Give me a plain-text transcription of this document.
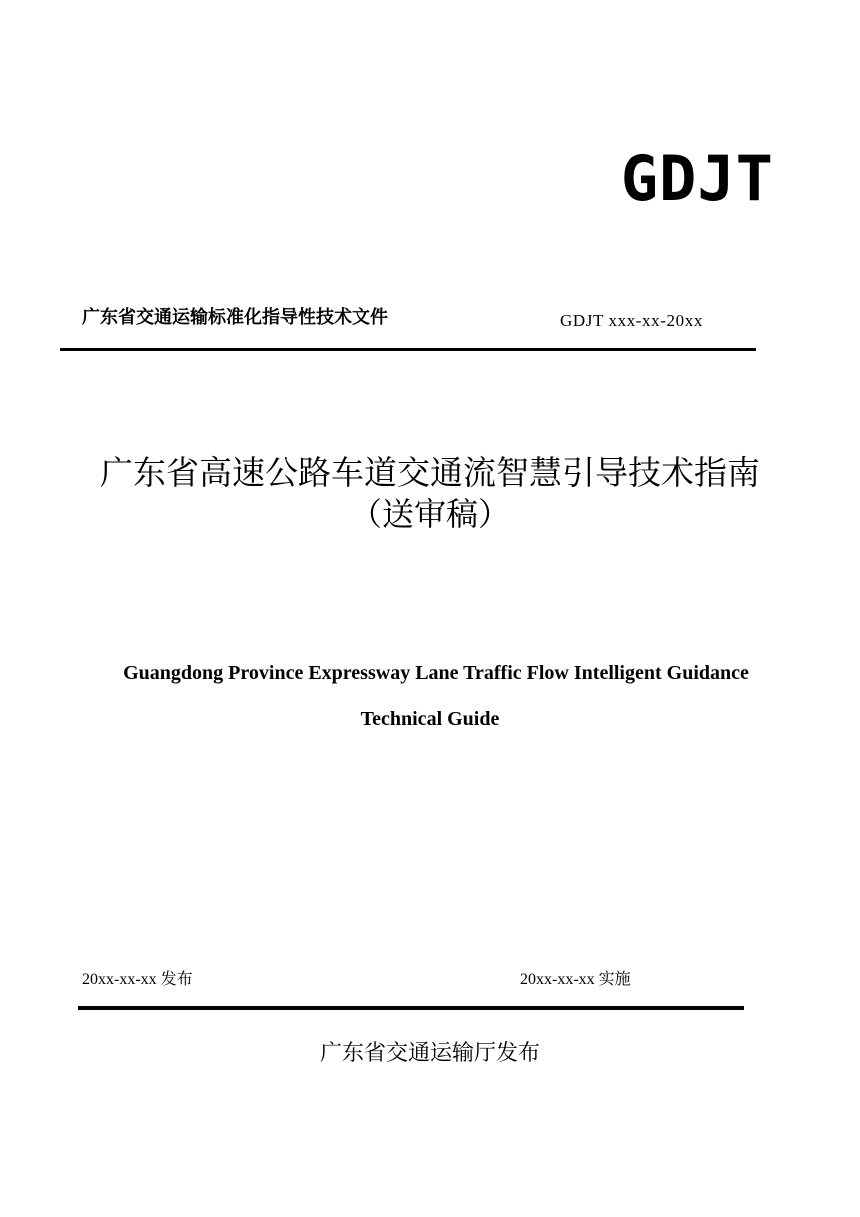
GDJT
广东省交通运输标准化指导性技术文件	GDJT xxx-xx-20xx
广东省高速公路车道交通流智慧引导技术指南
（送审稿）
Guangdong Province Expressway Lane Traffic Flow Intelligent Guidance
Technical Guide
20xx-xx-xx 发布	20xx-xx-xx 实施
广东省交通运输厅发布
